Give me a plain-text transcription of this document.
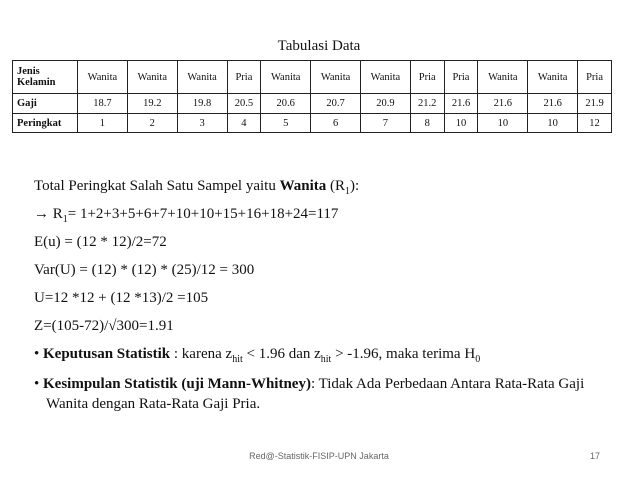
Tabulasi Data
Jenis Kelamin	Wanita	Wanita	Wanita	Pria	Wanita	Wanita	Wanita	Pria	Pria	Wanita	Wanita	Pria
Gaji	18.7	19.2	19.8	20.5	20.6	20.7	20.9	21.2	21.6	21.6	21.6	21.9
Peringkat	1	2	3	4	5	6	7	8	10	10	10	12
Total Peringkat Salah Satu Sampel yaitu Wanita $(R_1)$:
→ $R_1= 1+2+3+5+6+7+10+10+15+16+18+24=117$
E(u) = (12 * 12)/2=72
Var(U) = (12) * (12) * (25)/12 = 300
U=12 *12 + (12 *13)/2 =105
Z=(105-72)/√300=1.91
• Keputusan Statistik : karena $z_{hit} < 1.96$ dan $z_{hit} > -1.96$, maka terima $H_0$
• Kesimpulan Statistik (uji Mann-Whitney): Tidak Ada Perbedaan Antara Rata-Rata Gaji Wanita dengan Rata-Rata Gaji Pria.
Red@-Statistik-FISIP-UPN Jakarta	17
